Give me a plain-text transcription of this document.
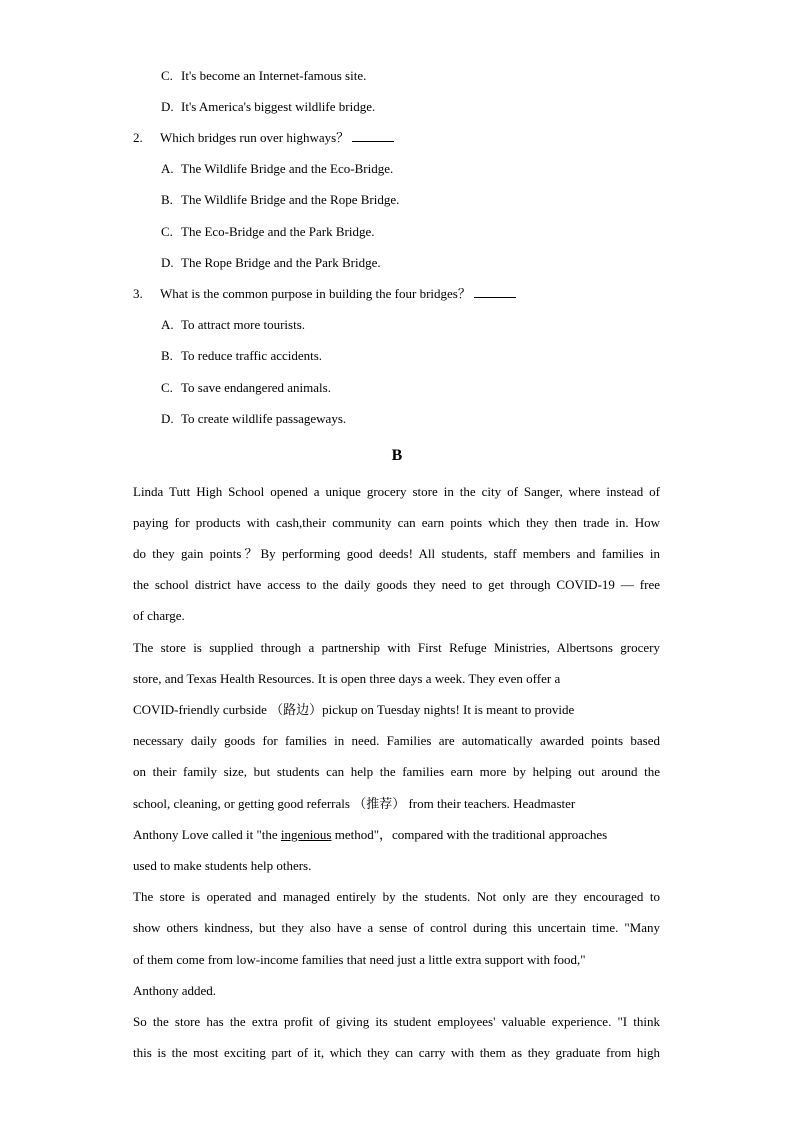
C. It's become an Internet-famous site.
D. It's America's biggest wildlife bridge.
2. Which bridges run over highways？
A. The Wildlife Bridge and the Eco-Bridge.
B. The Wildlife Bridge and the Rope Bridge.
C. The Eco-Bridge and the Park Bridge.
D. The Rope Bridge and the Park Bridge.
3. What is the common purpose in building the four bridges？
A. To attract more tourists.
B. To reduce traffic accidents.
C. To save endangered animals.
D. To create wildlife passageways.
B
Linda Tutt High School opened a unique grocery store in the city of Sanger, where instead of
paying for products with cash,their community can earn points which they then trade in. How
do they gain points？By performing good deeds! All students, staff members and families in
the school district have access to the daily goods they need to get through COVID-19 — free
of charge.
The store is supplied through a partnership with First Refuge Ministries, Albertsons grocery
store, and Texas Health Resources. It is open three days a week. They even offer a
COVID-friendly curbside （路边）pickup on Tuesday nights! It is meant to provide
necessary daily goods for families in need. Families are automatically awarded points based
on their family size, but students can help the families earn more by helping out around the
school, cleaning, or getting good referrals （推荐） from their teachers. Headmaster
Anthony Love called it "the ingenious method"，compared with the traditional approaches
used to make students help others.
The store is operated and managed entirely by the students. Not only are they encouraged to
show others kindness, but they also have a sense of control during this uncertain time. "Many
of them come from low-income families that need just a little extra support with food,"
Anthony added.
So the store has the extra profit of giving its student employees' valuable experience. "I think
this is the most exciting part of it, which they can carry with them as they graduate from high
